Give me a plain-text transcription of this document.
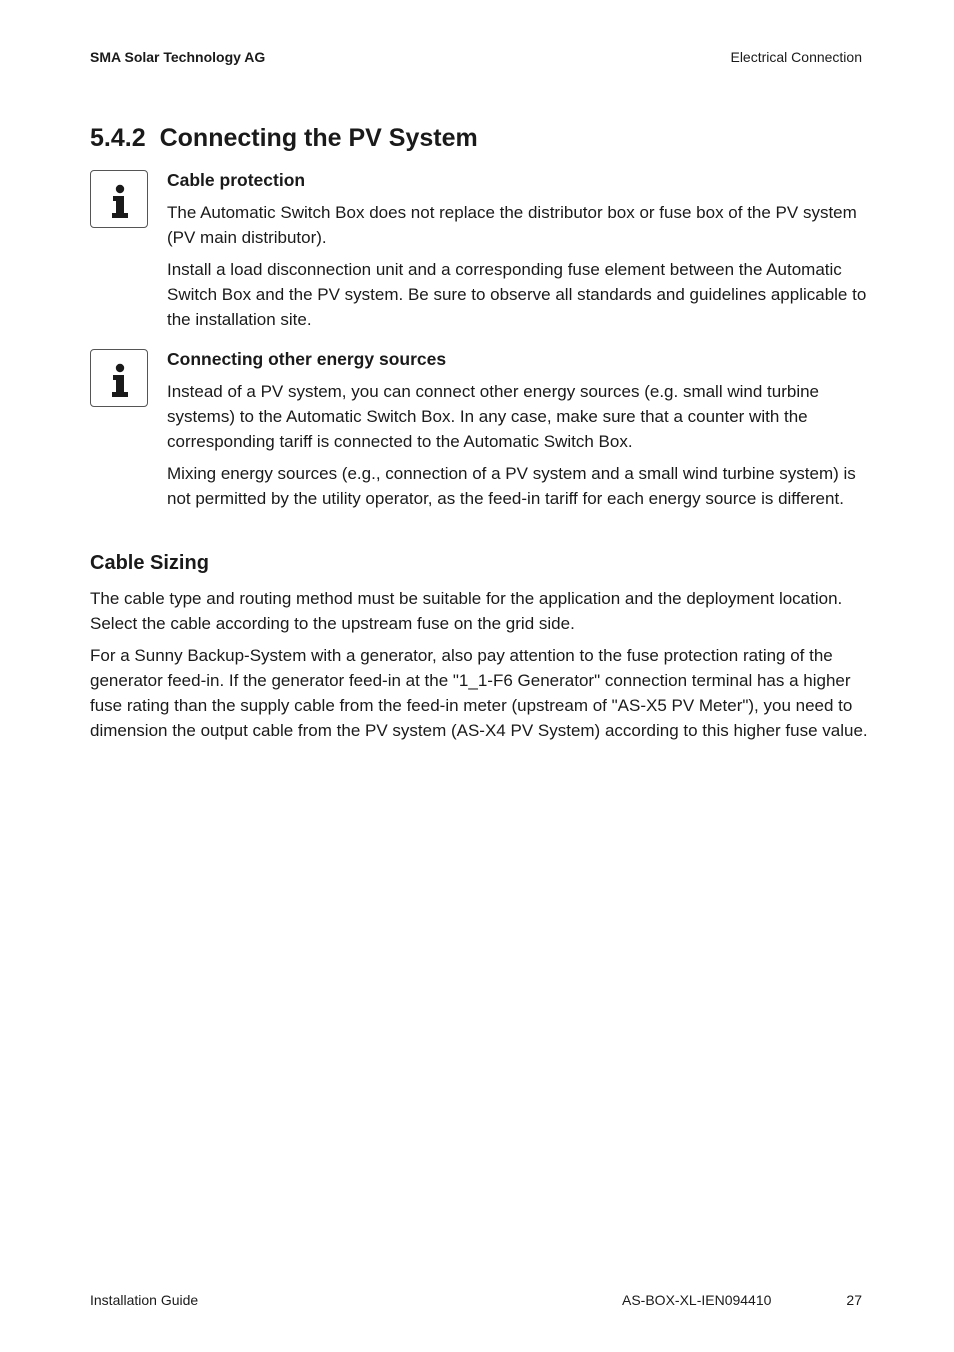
SMA Solar Technology AG	Electrical Connection
5.4.2 Connecting the PV System
Cable protection

The Automatic Switch Box does not replace the distributor box or fuse box of the PV system (PV main distributor).

Install a load disconnection unit and a corresponding fuse element between the Automatic Switch Box and the PV system. Be sure to observe all standards and guidelines applicable to the installation site.

Connecting other energy sources

Instead of a PV system, you can connect other energy sources (e.g. small wind turbine systems) to the Automatic Switch Box. In any case, make sure that a counter with the corresponding tariff is connected to the Automatic Switch Box.

Mixing energy sources (e.g., connection of a PV system and a small wind turbine system) is not permitted by the utility operator, as the feed-in tariff for each energy source is different.

Cable Sizing

The cable type and routing method must be suitable for the application and the deployment location. Select the cable according to the upstream fuse on the grid side.

For a Sunny Backup-System with a generator, also pay attention to the fuse protection rating of the generator feed-in. If the generator feed-in at the "1_1-F6 Generator" connection terminal has a higher fuse rating than the supply cable from the feed-in meter (upstream of "AS-X5 PV Meter"), you need to dimension the output cable from the PV system (AS-X4 PV System) according to this higher fuse value.

Installation Guide	AS-BOX-XL-IEN094410	27
